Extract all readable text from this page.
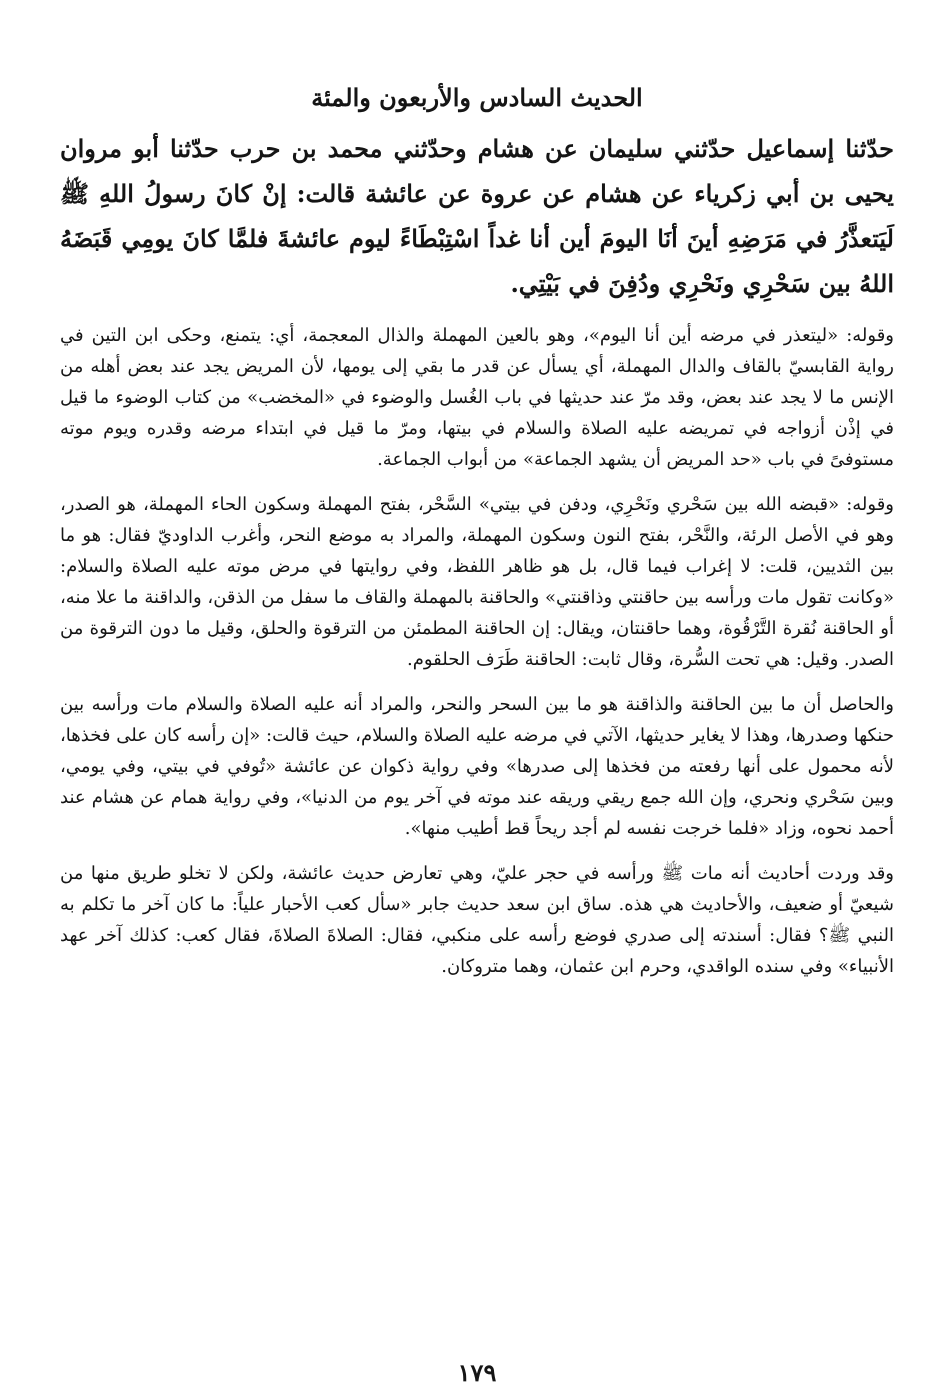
الحديث السادس والأربعون والمئة

حدّثنا إسماعيل حدّثني سليمان عن هشام وحدّثني محمد بن حرب حدّثنا أبو مروان يحيى بن أبي زكرياء عن هشام عن عروة عن عائشة قالت: إنْ كانَ رسولُ اللهِ ﷺ لَيَتعذَّرُ في مَرَضِهِ أينَ أنَا اليومَ أين أنا غداً اسْتِبْطَاءً ليوم عائشةَ فلمَّا كانَ يومِي قَبَضَهُ اللهُ بين سَحْرِي ونَحْرِي ودُفِنَ في بَيْتِي.

وقوله: «ليتعذر في مرضه أين أنا اليوم»، وهو بالعين المهملة والذال المعجمة، أي: يتمنع، وحكى ابن التين في رواية القابسيّ بالقاف والدال المهملة، أي يسأل عن قدر ما بقي إلى يومها، لأن المريض يجد عند بعض أهله من الإنس ما لا يجد عند بعض، وقد مرّ عند حديثها في باب الغُسل والوضوء في «المخضب» من كتاب الوضوء ما قيل في إذْن أزواجه في تمريضه عليه الصلاة والسلام في بيتها، ومرّ ما قيل في ابتداء مرضه وقدره ويوم موته مستوفىً في باب «حد المريض أن يشهد الجماعة» من أبواب الجماعة.

وقوله: «قبضه الله بين سَحْري ونَحْرِي، ودفن في بيتي» السَّحْر، بفتح المهملة وسكون الحاء المهملة، هو الصدر، وهو في الأصل الرئة، والنَّحْر، بفتح النون وسكون المهملة، والمراد به موضع النحر، وأغرب الداوديّ فقال: هو ما بين الثديين، قلت: لا إغراب فيما قال، بل هو ظاهر اللفظ، وفي روايتها في مرض موته عليه الصلاة والسلام: «وكانت تقول مات ورأسه بين حاقنتي وذاقنتي» والحاقنة بالمهملة والقاف ما سفل من الذقن، والداقنة ما علا منه، أو الحاقنة نُقرة التَّرْقُوة، وهما حاقنتان، ويقال: إن الحاقنة المطمئن من الترقوة والحلق، وقيل ما دون الترقوة من الصدر. وقيل: هي تحت السُّرة، وقال ثابت: الحاقنة طَرَف الحلقوم.

والحاصل أن ما بين الحاقنة والذاقنة هو ما بين السحر والنحر، والمراد أنه عليه الصلاة والسلام مات ورأسه بين حنكها وصدرها، وهذا لا يغاير حديثها، الآتي في مرضه عليه الصلاة والسلام، حيث قالت: «إن رأسه كان على فخذها، لأنه محمول على أنها رفعته من فخذها إلى صدرها» وفي رواية ذكوان عن عائشة «تُوفي في بيتي، وفي يومي، وبين سَحْري ونحري، وإن الله جمع ريقي وريقه عند موته في آخر يوم من الدنيا»، وفي رواية همام عن هشام عند أحمد نحوه، وزاد «فلما خرجت نفسه لم أجد ريحاً قط أطيب منها».

وقد وردت أحاديث أنه مات ﷺ ورأسه في حجر عليّ، وهي تعارض حديث عائشة، ولكن لا تخلو طريق منها من شيعيّ أو ضعيف، والأحاديث هي هذه. ساق ابن سعد حديث جابر «سأل كعب الأحبار علياً: ما كان آخر ما تكلم به النبي ﷺ؟ فقال: أسندته إلى صدري فوضع رأسه على منكبي، فقال: الصلاةَ الصلاةَ، فقال كعب: كذلك آخر عهد الأنبياء» وفي سنده الواقدي، وحرم ابن عثمان، وهما متروكان.

١٧٩
